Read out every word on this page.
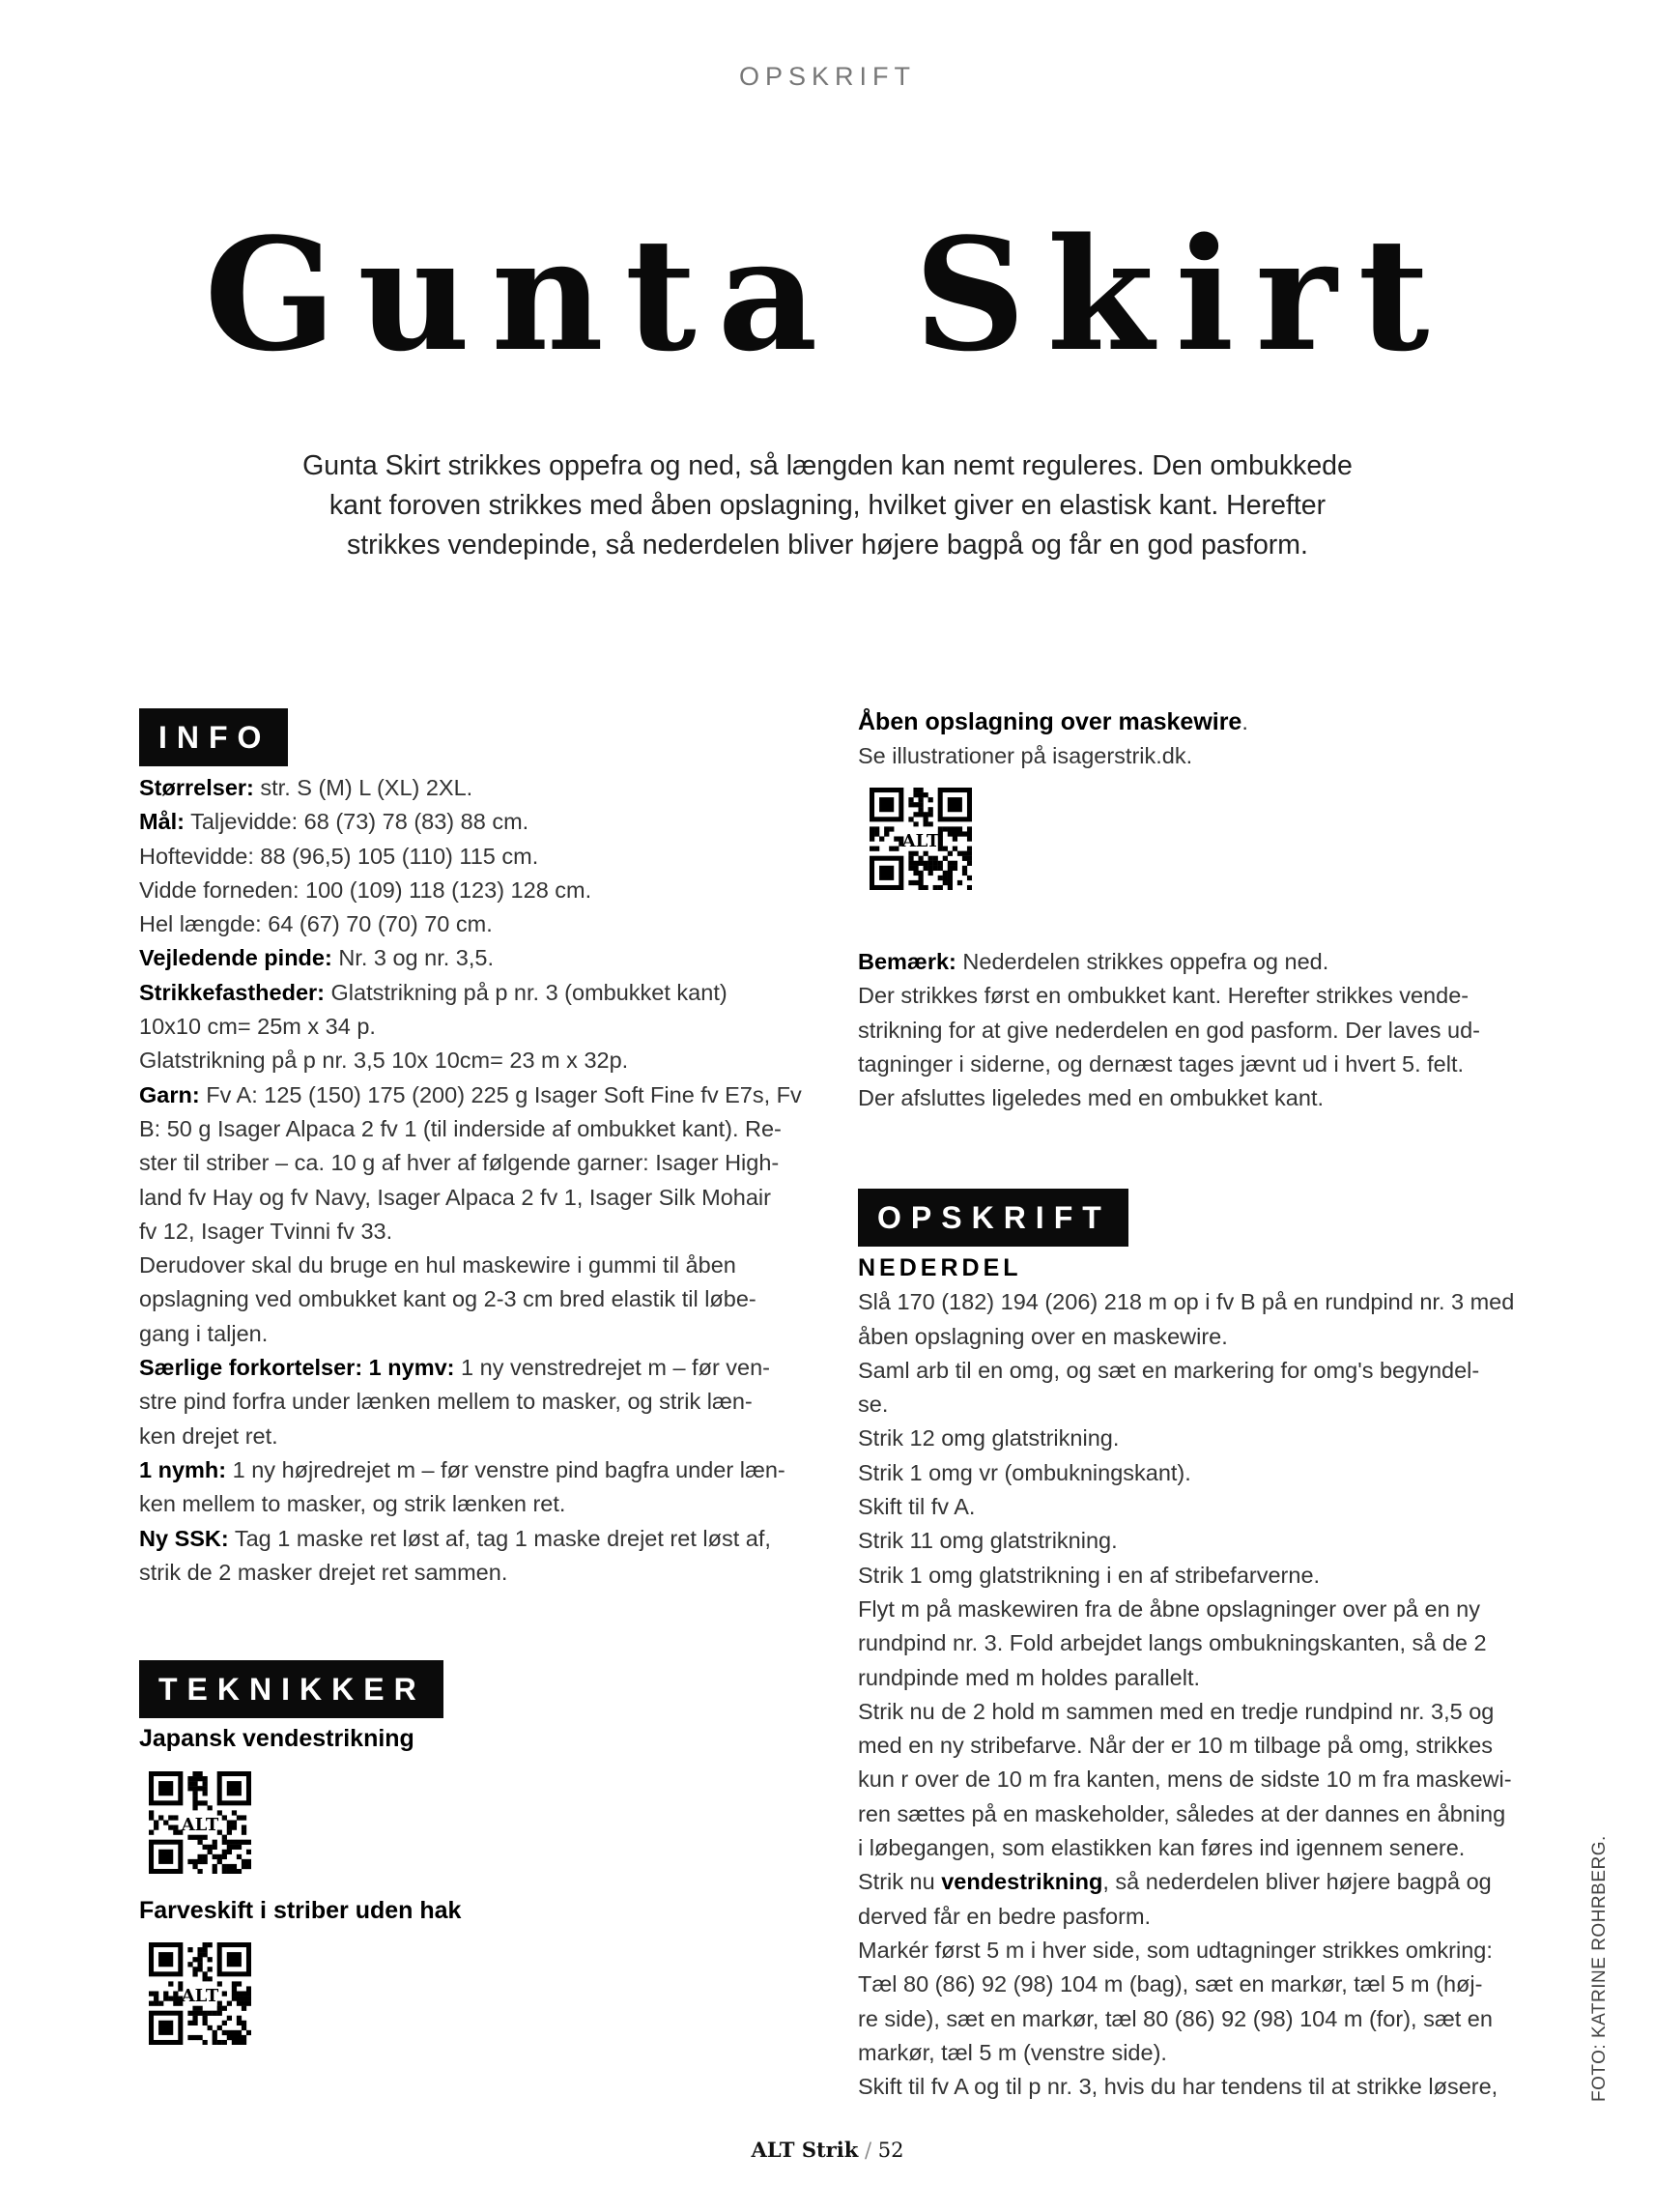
OPSKRIFT
Gunta Skirt
Gunta Skirt strikkes oppefra og ned, så længden kan nemt reguleres. Den ombukkede
kant foroven strikkes med åben opslagning, hvilket giver en elastisk kant. Herefter
strikkes vendepinde, så nederdelen bliver højere bagpå og får en god pasform.
INFO
Størrelser: str. S (M) L (XL) 2XL.
Mål: Taljevidde: 68 (73) 78 (83) 88 cm.
Hoftevidde: 88 (96,5) 105 (110) 115 cm.
Vidde forneden: 100 (109) 118 (123) 128 cm.
Hel længde: 64 (67) 70 (70) 70 cm.
Vejledende pinde: Nr. 3 og nr. 3,5.
Strikkefastheder: Glatstrikning på p nr. 3 (ombukket kant)
10x10 cm= 25m x 34 p.
Glatstrikning på p nr. 3,5 10x 10cm= 23 m x 32p.
Garn: Fv A: 125 (150) 175 (200) 225 g Isager Soft Fine fv E7s, Fv
B: 50 g Isager Alpaca 2 fv 1 (til inderside af ombukket kant). Re-
ster til striber – ca. 10 g af hver af følgende garner: Isager High-
land fv Hay og fv Navy, Isager Alpaca 2 fv 1, Isager Silk Mohair
fv 12, Isager Tvinni fv 33.
Derudover skal du bruge en hul maskewire i gummi til åben
opslagning ved ombukket kant og 2-3 cm bred elastik til løbe-
gang i taljen.
Særlige forkortelser: 1 nymv: 1 ny venstredrejet m – før ven-
stre pind forfra under lænken mellem to masker, og strik læn-
ken drejet ret.
1 nymh: 1 ny højredrejet m – før venstre pind bagfra under læn-
ken mellem to masker, og strik lænken ret.
Ny SSK: Tag 1 maske ret løst af, tag 1 maske drejet ret løst af,
strik de 2 masker drejet ret sammen.
TEKNIKKER
Japansk vendestrikning
ALT
Farveskift i striber uden hak
ALT
Åben opslagning over maskewire.
Se illustrationer på isagerstrik.dk.
ALT
Bemærk: Nederdelen strikkes oppefra og ned.
Der strikkes først en ombukket kant. Herefter strikkes vende-
strikning for at give nederdelen en god pasform. Der laves ud-
tagninger i siderne, og dernæst tages jævnt ud i hvert 5. felt.
Der afsluttes ligeledes med en ombukket kant.
OPSKRIFT
NEDERDEL
Slå 170 (182) 194 (206) 218 m op i fv B på en rundpind nr. 3 med
åben opslagning over en maskewire.
Saml arb til en omg, og sæt en markering for omg's begyndel-
se.
Strik 12 omg glatstrikning.
Strik 1 omg vr (ombukningskant).
Skift til fv A.
Strik 11 omg glatstrikning.
Strik 1 omg glatstrikning i en af stribefarverne.
Flyt m på maskewiren fra de åbne opslagninger over på en ny
rundpind nr. 3. Fold arbejdet langs ombukningskanten, så de 2
rundpinde med m holdes parallelt.
Strik nu de 2 hold m sammen med en tredje rundpind nr. 3,5 og
med en ny stribefarve. Når der er 10 m tilbage på omg, strikkes
kun r over de 10 m fra kanten, mens de sidste 10 m fra maskewi-
ren sættes på en maskeholder, således at der dannes en åbning
i løbegangen, som elastikken kan føres ind igennem senere.
Strik nu vendestrikning, så nederdelen bliver højere bagpå og
derved får en bedre pasform.
Markér først 5 m i hver side, som udtagninger strikkes omkring:
Tæl 80 (86) 92 (98) 104 m (bag), sæt en markør, tæl 5 m (høj-
re side), sæt en markør, tæl 80 (86) 92 (98) 104 m (for), sæt en
markør, tæl 5 m (venstre side).
Skift til fv A og til p nr. 3, hvis du har tendens til at strikke løsere,	FOTO: KATRINE ROHRBERG.
ALT Strik / 52
